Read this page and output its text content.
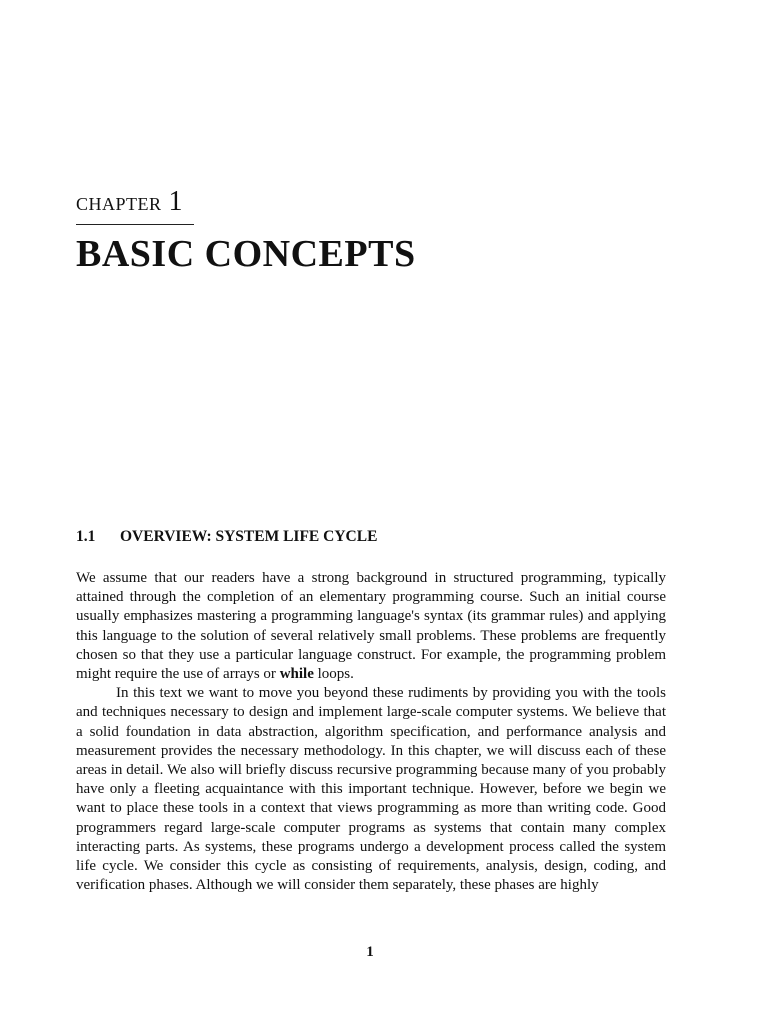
CHAPTER 1
BASIC CONCEPTS
1.1 OVERVIEW: SYSTEM LIFE CYCLE

We assume that our readers have a strong background in structured programming, typically attained through the completion of an elementary programming course. Such an initial course usually emphasizes mastering a programming language's syntax (its grammar rules) and applying this language to the solution of several relatively small problems. These problems are frequently chosen so that they use a particular language construct. For example, the programming problem might require the use of arrays or while loops.

In this text we want to move you beyond these rudiments by providing you with the tools and techniques necessary to design and implement large-scale computer systems. We believe that a solid foundation in data abstraction, algorithm specification, and performance analysis and measurement provides the necessary methodology. In this chapter, we will discuss each of these areas in detail. We also will briefly discuss recursive programming because many of you probably have only a fleeting acquaintance with this important technique. However, before we begin we want to place these tools in a context that views programming as more than writing code. Good programmers regard large-scale computer programs as systems that contain many complex interacting parts. As systems, these programs undergo a development process called the system life cycle. We consider this cycle as consisting of requirements, analysis, design, coding, and verification phases. Although we will consider them separately, these phases are highly

1
